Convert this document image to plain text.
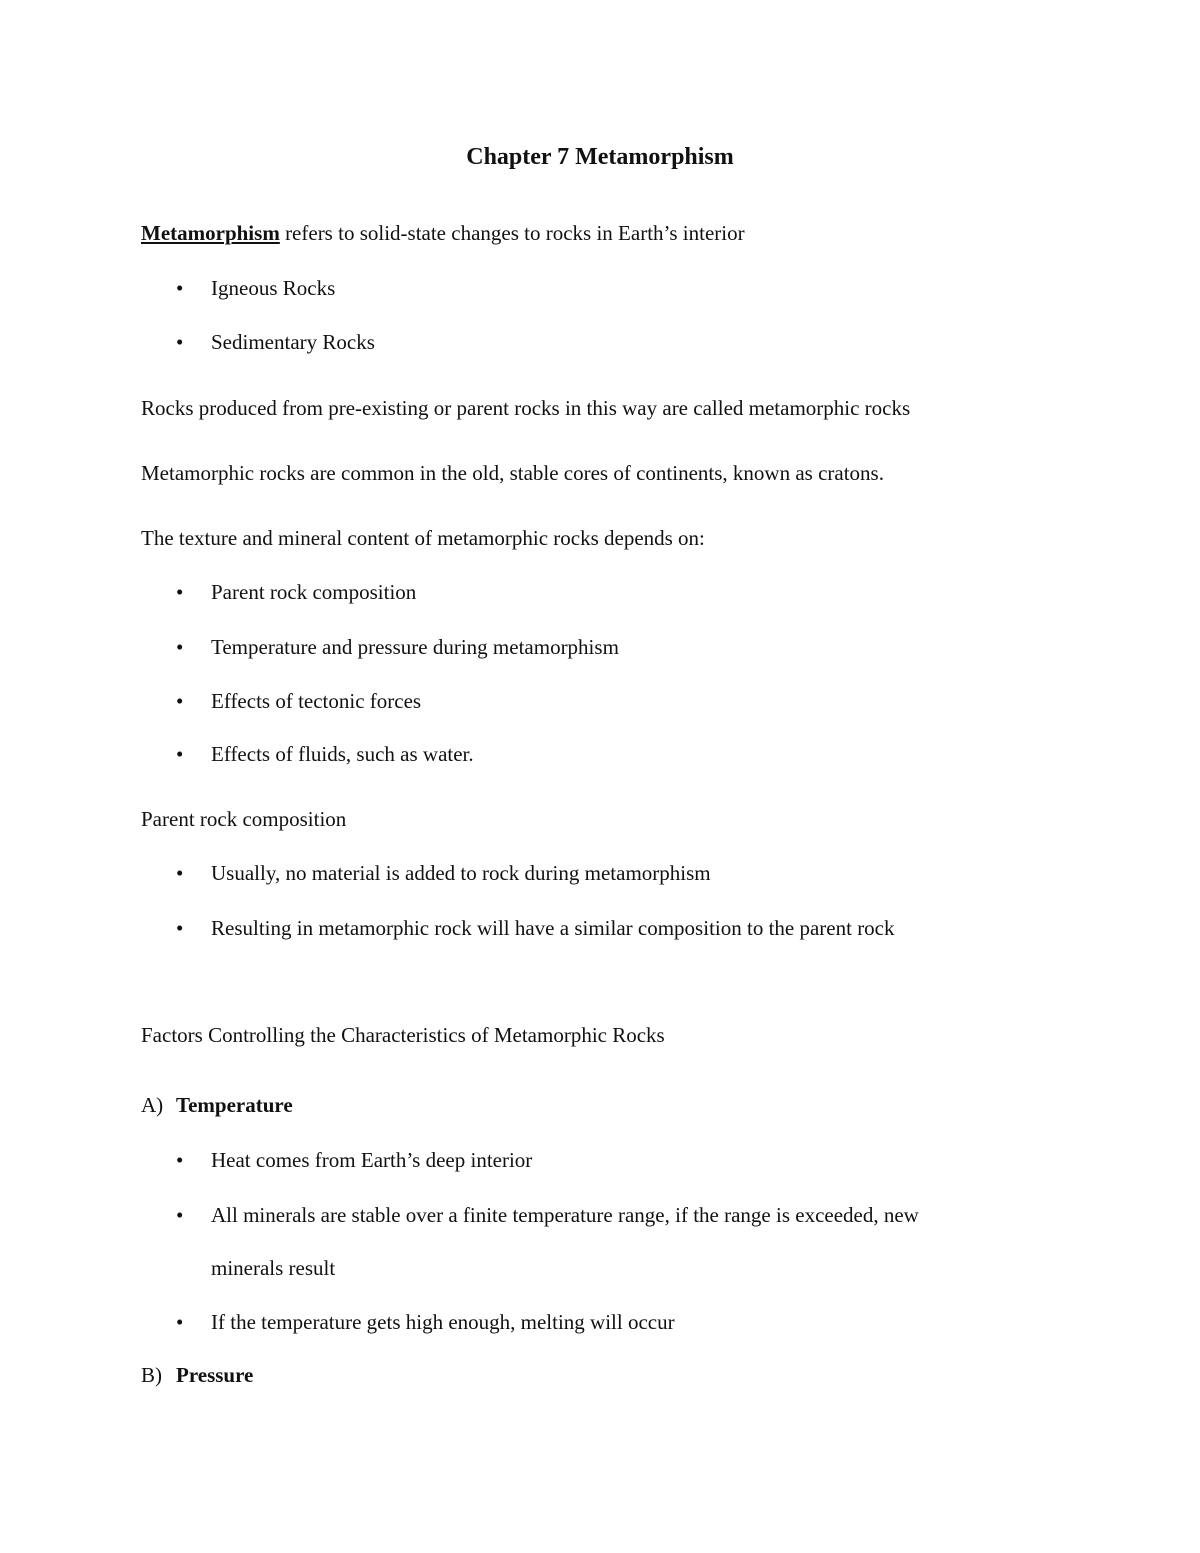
Chapter 7 Metamorphism

Metamorphism refers to solid-state changes to rocks in Earth’s interior

• Igneous Rocks

• Sedimentary Rocks

Rocks produced from pre-existing or parent rocks in this way are called metamorphic rocks

Metamorphic rocks are common in the old, stable cores of continents, known as cratons.

The texture and mineral content of metamorphic rocks depends on:

• Parent rock composition

• Temperature and pressure during metamorphism

• Effects of tectonic forces

• Effects of fluids, such as water.

Parent rock composition

• Usually, no material is added to rock during metamorphism

• Resulting in metamorphic rock will have a similar composition to the parent rock

Factors Controlling the Characteristics of Metamorphic Rocks

A) Temperature

• Heat comes from Earth’s deep interior

• All minerals are stable over a finite temperature range, if the range is exceeded, new

minerals result

• If the temperature gets high enough, melting will occur

B) Pressure
